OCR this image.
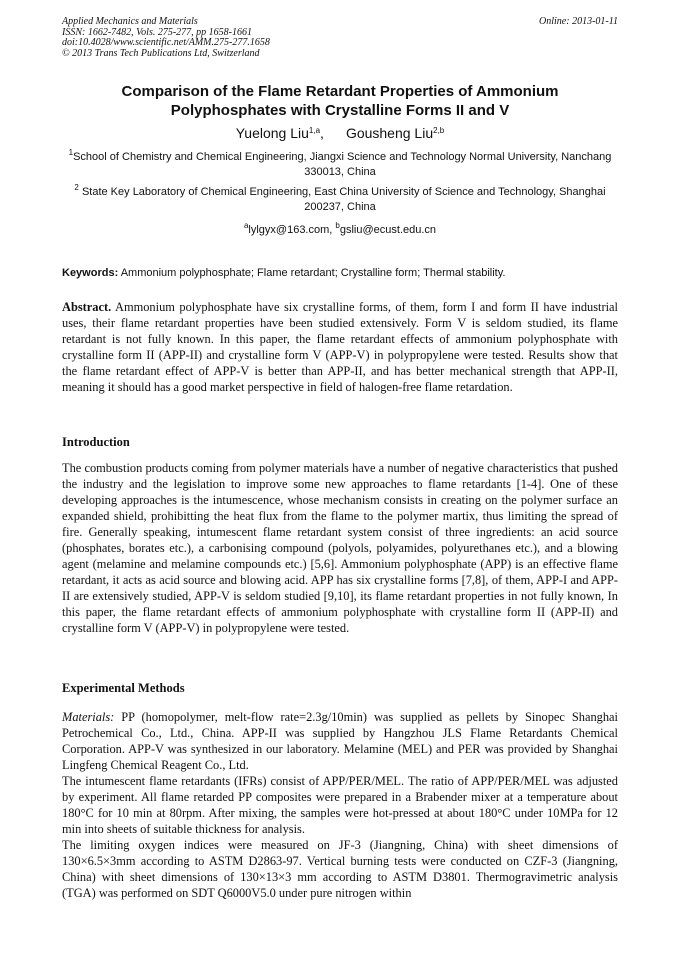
Applied Mechanics and Materials
ISSN: 1662-7482, Vols. 275-277, pp 1658-1661
doi:10.4028/www.scientific.net/AMM.275-277.1658
© 2013 Trans Tech Publications Ltd, Switzerland
Online: 2013-01-11
Comparison of the Flame Retardant Properties of Ammonium
Polyphosphates with Crystalline Forms II and V
Yuelong Liu$^{1,a}$, Gousheng Liu$^{2,b}$
$^1$School of Chemistry and Chemical Engineering, Jiangxi Science and Technology Normal University, Nanchang 330013, China
$^2$ State Key Laboratory of Chemical Engineering, East China University of Science and Technology, Shanghai 200237, China
$^a$lylgyx@163.com, $^b$gsliu@ecust.edu.cn
Keywords: Ammonium polyphosphate; Flame retardant; Crystalline form; Thermal stability.

Abstract. Ammonium polyphosphate have six crystalline forms, of them, form I and form II have industrial uses, their flame retardant properties have been studied extensively. Form V is seldom studied, its flame retardant is not fully known. In this paper, the flame retardant effects of ammonium polyphosphate with crystalline form II (APP-II) and crystalline form V (APP-V) in polypropylene were tested. Results show that the flame retardant effect of APP-V is better than APP-II, and has better mechanical strength that APP-II, meaning it should has a good market perspective in field of halogen-free flame retardation.

Introduction

The combustion products coming from polymer materials have a number of negative characteristics that pushed the industry and the legislation to improve some new approaches to flame retardants [1-4]. One of these developing approaches is the intumescence, whose mechanism consists in creating on the polymer surface an expanded shield, prohibitting the heat flux from the flame to the polymer martix, thus limiting the spread of fire. Generally speaking, intumescent flame retardant system consist of three ingredients: an acid source (phosphates, borates etc.), a carbonising compound (polyols, polyamides, polyurethanes etc.), and a blowing agent (melamine and melamine compounds etc.) [5,6]. Ammonium polyphosphate (APP) is an effective flame retardant, it acts as acid source and blowing acid. APP has six crystalline forms [7,8], of them, APP-I and APP-II are extensively studied, APP-V is seldom studied [9,10], its flame retardant properties in not fully known, In this paper, the flame retardant effects of ammonium polyphosphate with crystalline form II (APP-II) and crystalline form V (APP-V) in polypropylene were tested.

Experimental Methods

Materials: PP (homopolymer, melt-flow rate=2.3g/10min) was supplied as pellets by Sinopec Shanghai Petrochemical Co., Ltd., China. APP-II was supplied by Hangzhou JLS Flame Retardants Chemical Corporation. APP-V was synthesized in our laboratory. Melamine (MEL) and PER was provided by Shanghai Lingfeng Chemical Reagent Co., Ltd.

The intumescent flame retardants (IFRs) consist of APP/PER/MEL. The ratio of APP/PER/MEL was adjusted by experiment. All flame retarded PP composites were prepared in a Brabender mixer at a temperature about 180°C for 10 min at 80rpm. After mixing, the samples were hot-pressed at about 180°C under 10MPa for 12 min into sheets of suitable thickness for analysis.

The limiting oxygen indices were measured on JF-3 (Jiangning, China) with sheet dimensions of 130×6.5×3mm according to ASTM D2863-97. Vertical burning tests were conducted on CZF-3 (Jiangning, China) with sheet dimensions of 130×13×3 mm according to ASTM D3801. Thermogravimetric analysis (TGA) was performed on SDT Q6000V5.0 under pure nitrogen within
